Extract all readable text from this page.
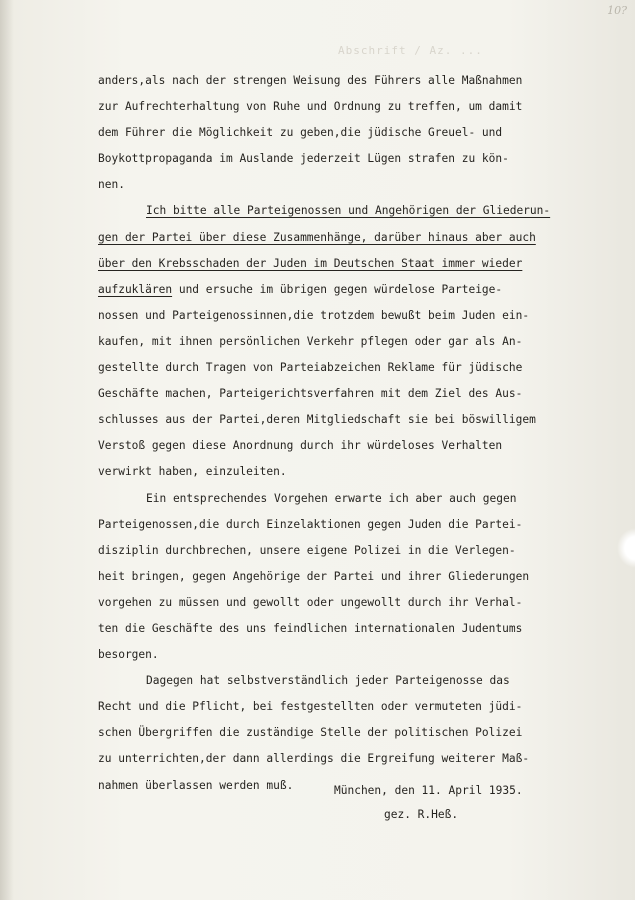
10?
Abschrift / Az. ...
anders,als nach der strengen Weisung des Führers alle Maßnahmen
zur Aufrechterhaltung von Ruhe und Ordnung zu treffen, um damit
dem Führer die Möglichkeit zu geben,die jüdische Greuel- und
Boykottpropaganda im Auslande jederzeit Lügen strafen zu kön-
nen.
Ich bitte alle Parteigenossen und Angehörigen der Gliederun-
gen der Partei über diese Zusammenhänge, darüber hinaus aber auch
über den Krebsschaden der Juden im Deutschen Staat immer wieder
aufzuklären und ersuche im übrigen gegen würdelose Parteige-
nossen und Parteigenossinnen,die trotzdem bewußt beim Juden ein-
kaufen, mit ihnen persönlichen Verkehr pflegen oder gar als An-
gestellte durch Tragen von Parteiabzeichen Reklame für jüdische
Geschäfte machen, Parteigerichtsverfahren mit dem Ziel des Aus-
schlusses aus der Partei,deren Mitgliedschaft sie bei böswilligem
Verstoß gegen diese Anordnung durch ihr würdeloses Verhalten
verwirkt haben, einzuleiten.
Ein entsprechendes Vorgehen erwarte ich aber auch gegen
Parteigenossen,die durch Einzelaktionen gegen Juden die Partei-
disziplin durchbrechen, unsere eigene Polizei in die Verlegen-
heit bringen, gegen Angehörige der Partei und ihrer Gliederungen
vorgehen zu müssen und gewollt oder ungewollt durch ihr Verhal-
ten die Geschäfte des uns feindlichen internationalen Judentums
besorgen.
Dagegen hat selbstverständlich jeder Parteigenosse das
Recht und die Pflicht, bei festgestellten oder vermuteten jüdi-
schen Übergriffen die zuständige Stelle der politischen Polizei
zu unterrichten,der dann allerdings die Ergreifung weiterer Maß-
nahmen überlassen werden muß.	München, den 11. April 1935.
gez. R.Heß.
